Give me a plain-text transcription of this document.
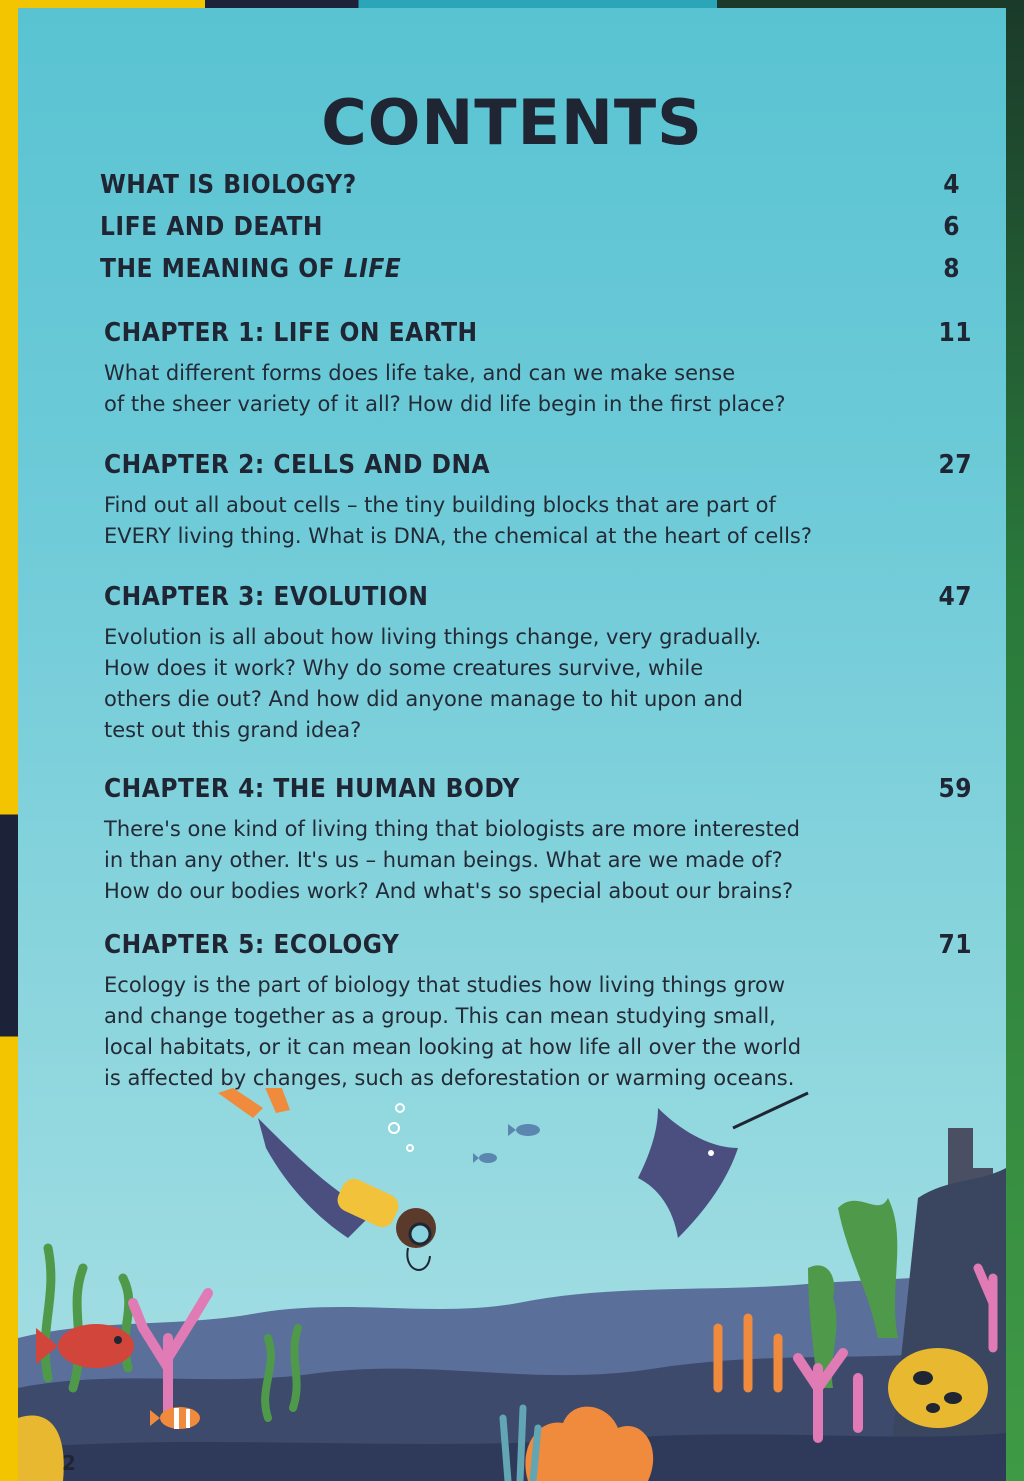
CONTENTS
WHAT IS BIOLOGY?	4
LIFE AND DEATH	6
THE MEANING OF LIFE	8
CHAPTER 1: LIFE ON EARTH	11
What different forms does life take, and can we make sense
of the sheer variety of it all? How did life begin in the first place?
CHAPTER 2: CELLS AND DNA	27
Find out all about cells – the tiny building blocks that are part of
EVERY living thing. What is DNA, the chemical at the heart of cells?
CHAPTER 3: EVOLUTION	47
Evolution is all about how living things change, very gradually.
How does it work? Why do some creatures survive, while
others die out? And how did anyone manage to hit upon and
test out this grand idea?
CHAPTER 4: THE HUMAN BODY	59
There's one kind of living thing that biologists are more interested
in than any other. It's us – human beings. What are we made of?
How do our bodies work? And what's so special about our brains?
CHAPTER 5: ECOLOGY	71
Ecology is the part of biology that studies how living things grow
and change together as a group. This can mean studying small,
local habitats, or it can mean looking at how life all over the world
is affected by changes, such as deforestation or warming oceans.
2
